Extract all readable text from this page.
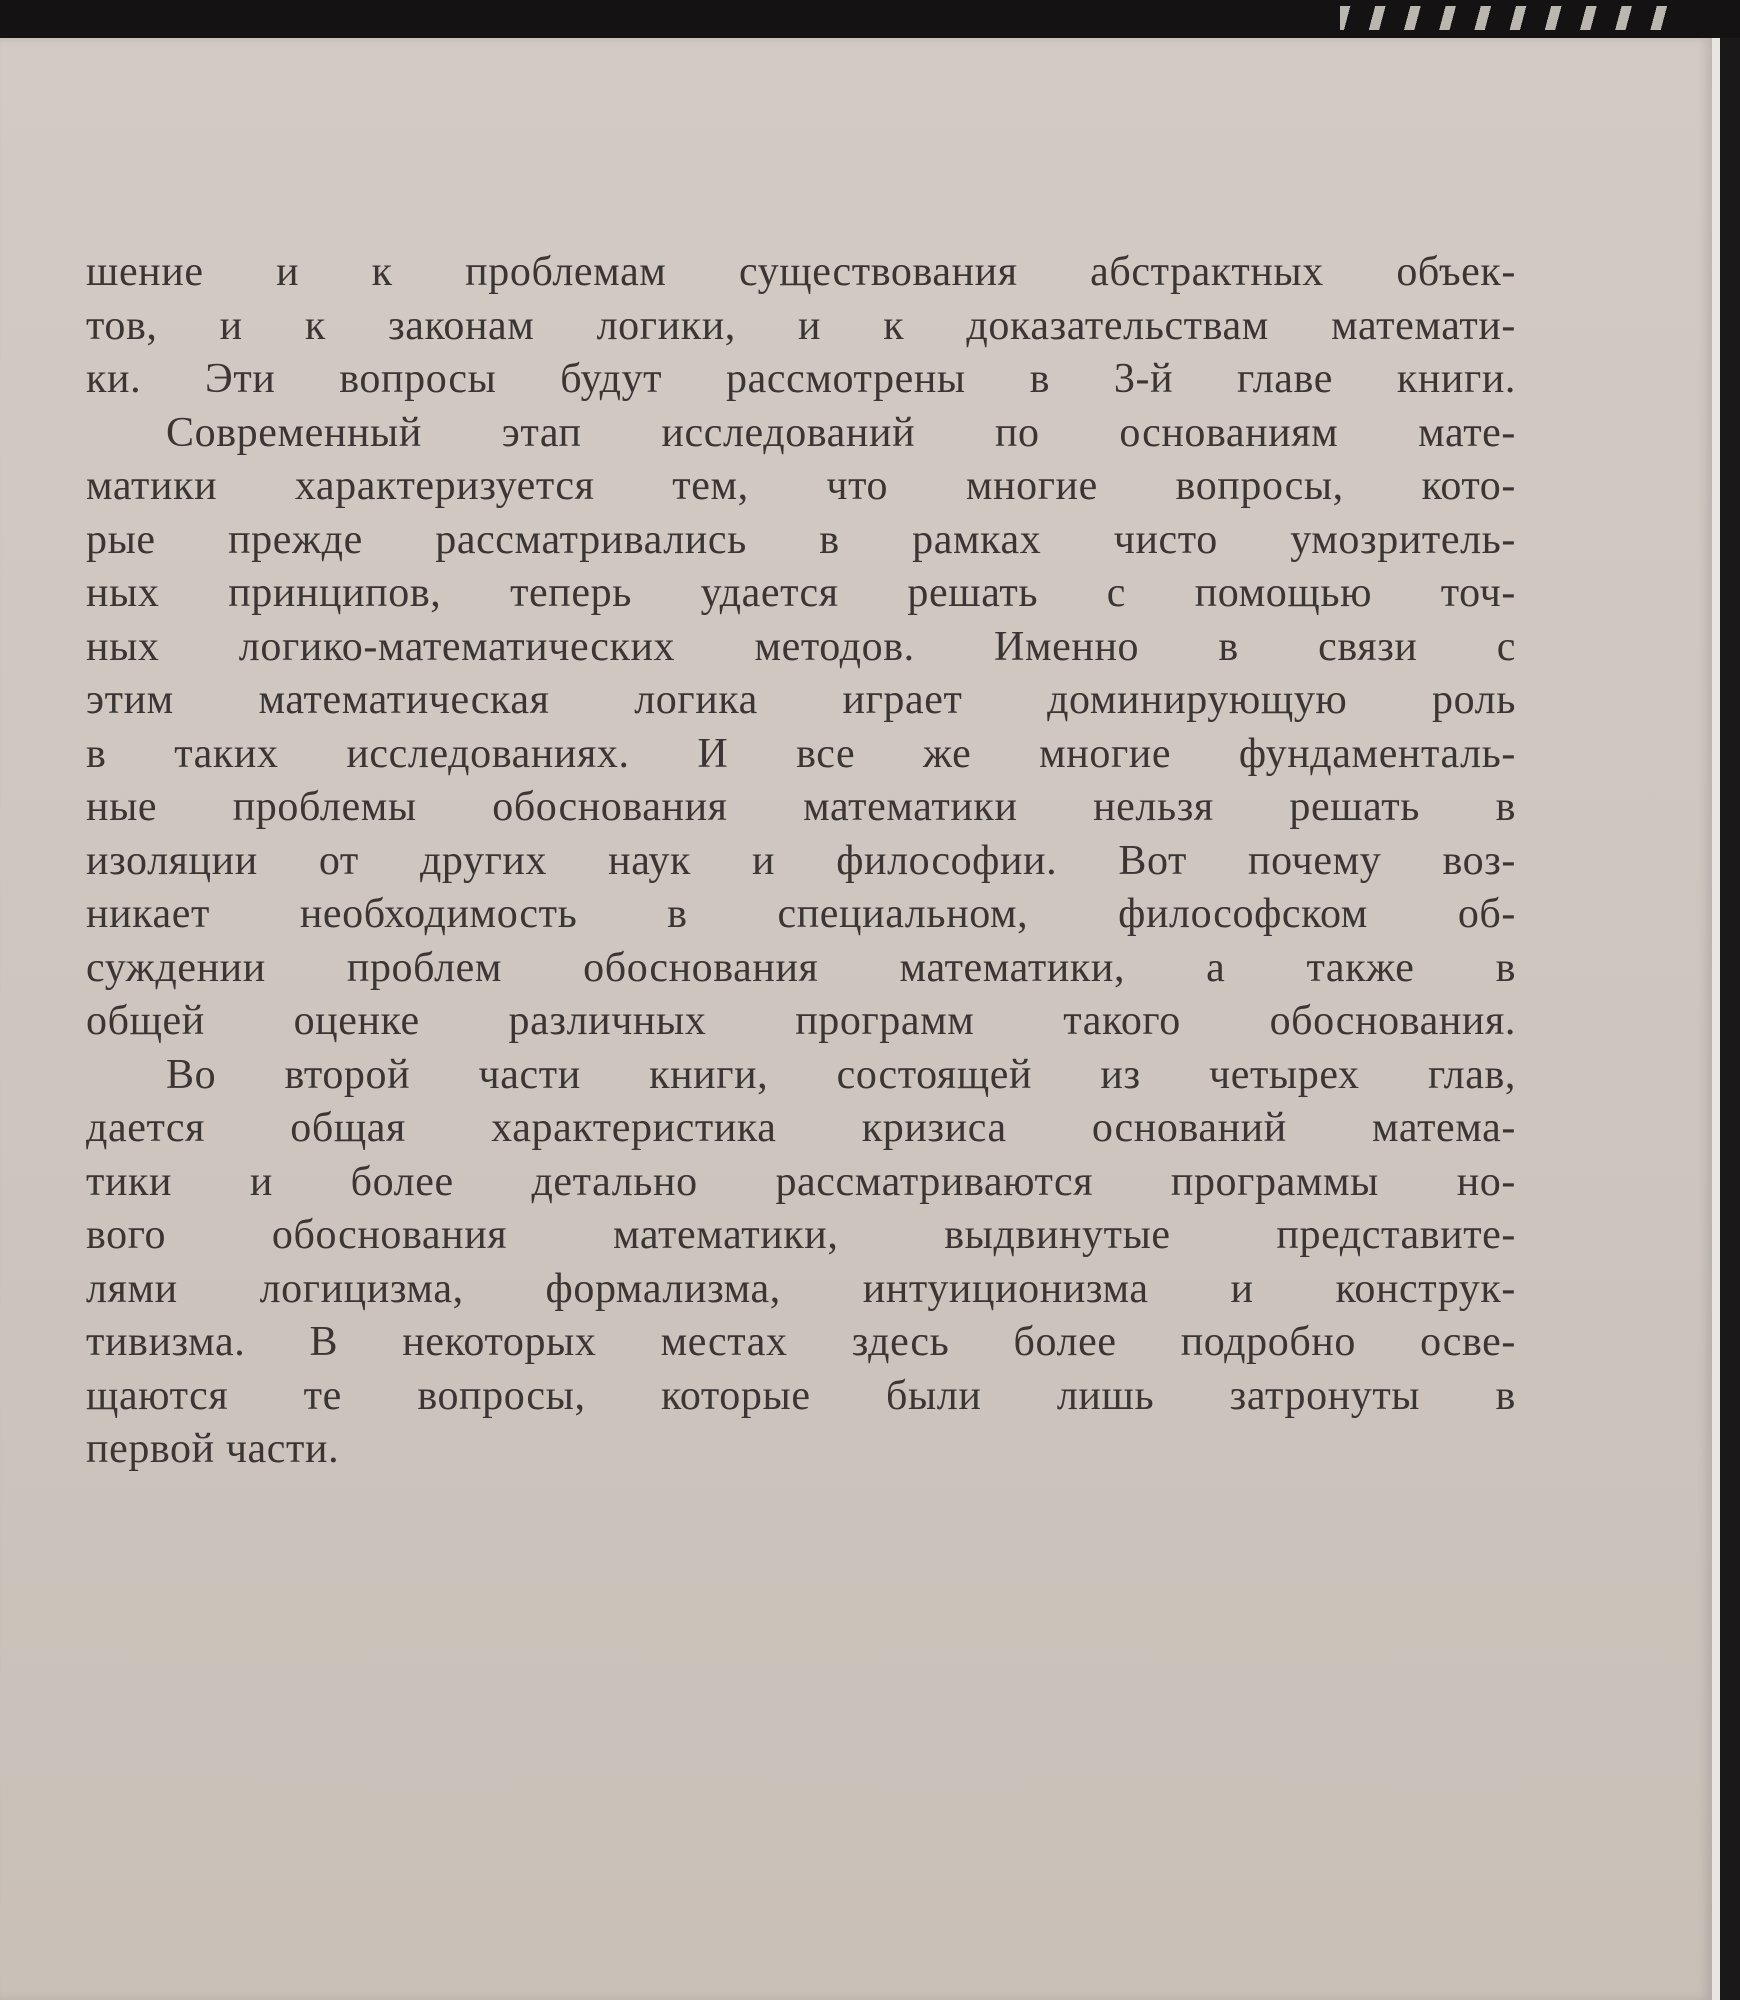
шение и к проблемам существования абстрактных объек-
тов, и к законам логики, и к доказательствам математи-
ки. Эти вопросы будут рассмотрены в 3-й главе книги.
Современный этап исследований по основаниям мате-
матики характеризуется тем, что многие вопросы, кото-
рые прежде рассматривались в рамках чисто умозритель-
ных принципов, теперь удается решать с помощью точ-
ных логико-математических методов. Именно в связи с
этим математическая логика играет доминирующую роль
в таких исследованиях. И все же многие фундаменталь-
ные проблемы обоснования математики нельзя решать в
изоляции от других наук и философии. Вот почему воз-
никает необходимость в специальном, философском об-
суждении проблем обоснования математики, а также в
общей оценке различных программ такого обоснования.
Во второй части книги, состоящей из четырех глав,
дается общая характеристика кризиса оснований матема-
тики и более детально рассматриваются программы но-
вого обоснования математики, выдвинутые представите-
лями логицизма, формализма, интуиционизма и конструк-
тивизма. В некоторых местах здесь более подробно осве-
щаются те вопросы, которые были лишь затронуты в
первой части.
